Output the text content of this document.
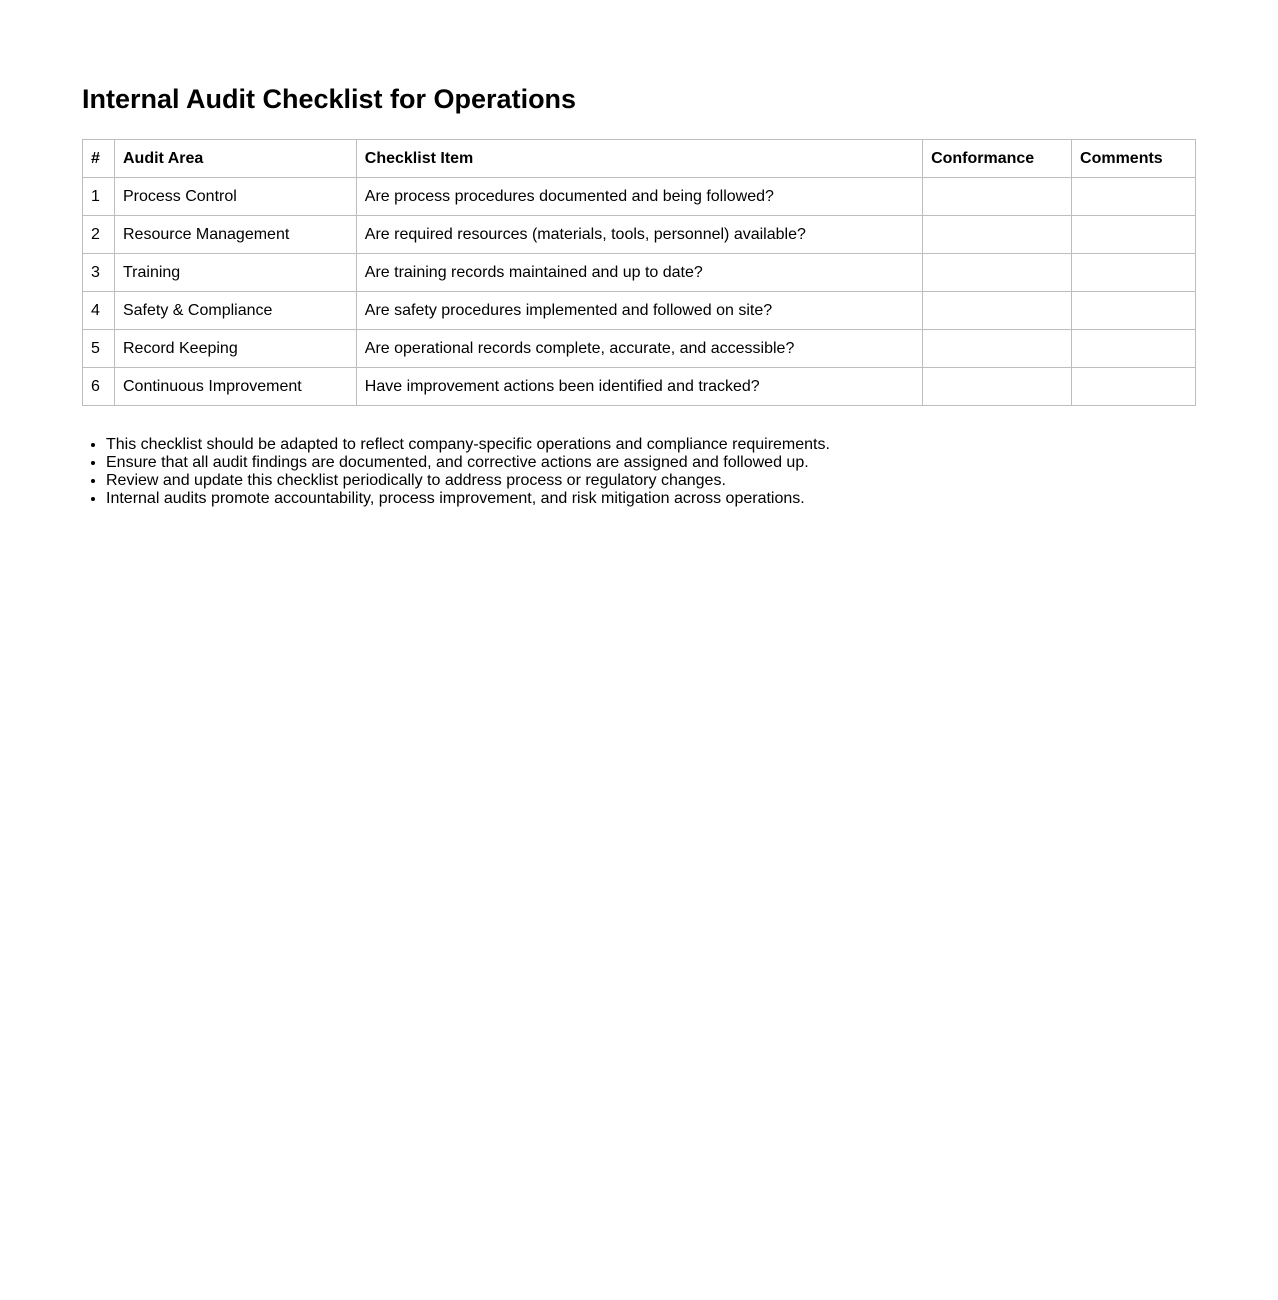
Internal Audit Checklist for Operations
#	Audit Area	Checklist Item	Conformance	Comments
1	Process Control	Are process procedures documented and being followed?		
2	Resource Management	Are required resources (materials, tools, personnel) available?		
3	Training	Are training records maintained and up to date?		
4	Safety & Compliance	Are safety procedures implemented and followed on site?		
5	Record Keeping	Are operational records complete, accurate, and accessible?		
6	Continuous Improvement	Have improvement actions been identified and tracked?		
• This checklist should be adapted to reflect company-specific operations and compliance requirements.
• Ensure that all audit findings are documented, and corrective actions are assigned and followed up.
• Review and update this checklist periodically to address process or regulatory changes.
• Internal audits promote accountability, process improvement, and risk mitigation across operations.
